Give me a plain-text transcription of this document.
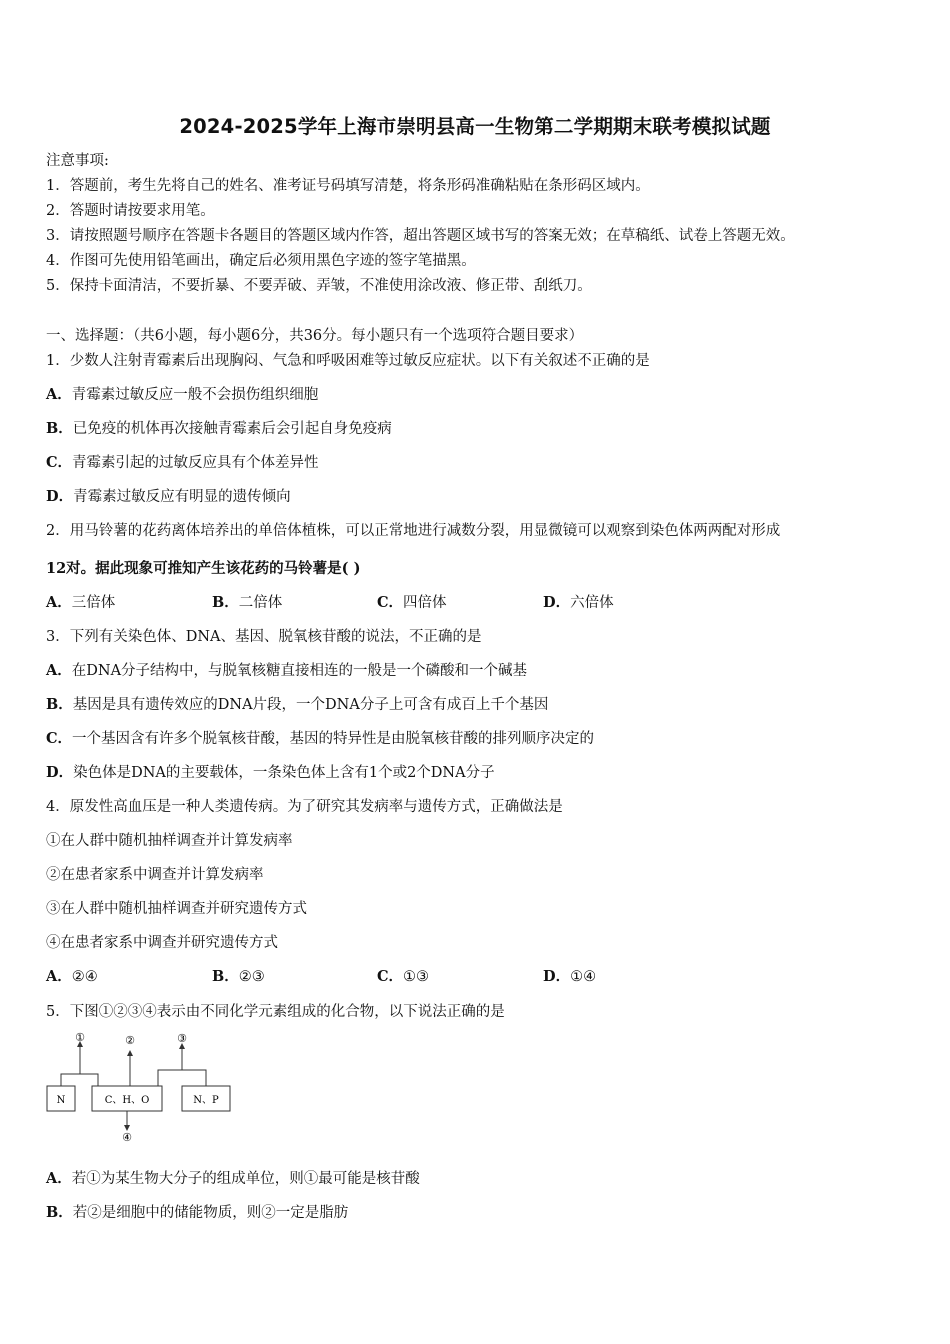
2024-2025学年上海市崇明县高一生物第二学期期末联考模拟试题
注意事项:
1．答题前，考生先将自己的姓名、准考证号码填写清楚，将条形码准确粘贴在条形码区域内。
2．答题时请按要求用笔。
3．请按照题号顺序在答题卡各题目的答题区域内作答，超出答题区域书写的答案无效；在草稿纸、试卷上答题无效。
4．作图可先使用铅笔画出，确定后必须用黑色字迹的签字笔描黑。
5．保持卡面清洁，不要折暴、不要弄破、弄皱，不准使用涂改液、修正带、刮纸刀。
一、选择题：（共6小题，每小题6分，共36分。每小题只有一个选项符合题目要求）
1．少数人注射青霉素后出现胸闷、气急和呼吸困难等过敏反应症状。以下有关叙述不正确的是
A．青霉素过敏反应一般不会损伤组织细胞
B．已免疫的机体再次接触青霉素后会引起自身免疫病
C．青霉素引起的过敏反应具有个体差异性
D．青霉素过敏反应有明显的遗传倾向
2．用马铃薯的花药离体培养出的单倍体植株，可以正常地进行减数分裂，用显微镜可以观察到染色体两两配对形成
12对。据此现象可推知产生该花药的马铃薯是( )
A．三倍体	B．二倍体	C．四倍体	D．六倍体
3．下列有关染色体、DNA、基因、脱氧核苷酸的说法，不正确的是
A．在DNA分子结构中，与脱氧核糖直接相连的一般是一个磷酸和一个碱基
B．基因是具有遗传效应的DNA片段，一个DNA分子上可含有成百上千个基因
C．一个基因含有许多个脱氧核苷酸，基因的特异性是由脱氧核苷酸的排列顺序决定的
D．染色体是DNA的主要载体，一条染色体上含有1个或2个DNA分子
4．原发性高血压是一种人类遗传病。为了研究其发病率与遗传方式，正确做法是
①在人群中随机抽样调查并计算发病率
②在患者家系中调查并计算发病率
③在人群中随机抽样调查并研究遗传方式
④在患者家系中调查并研究遗传方式
A．②④	B．②③	C．①③	D．①④
5．下图①②③④表示由不同化学元素组成的化合物，以下说法正确的是
N	C、H、O	N、P
①	②	③
④
A．若①为某生物大分子的组成单位，则①最可能是核苷酸
B．若②是细胞中的储能物质，则②一定是脂肪
